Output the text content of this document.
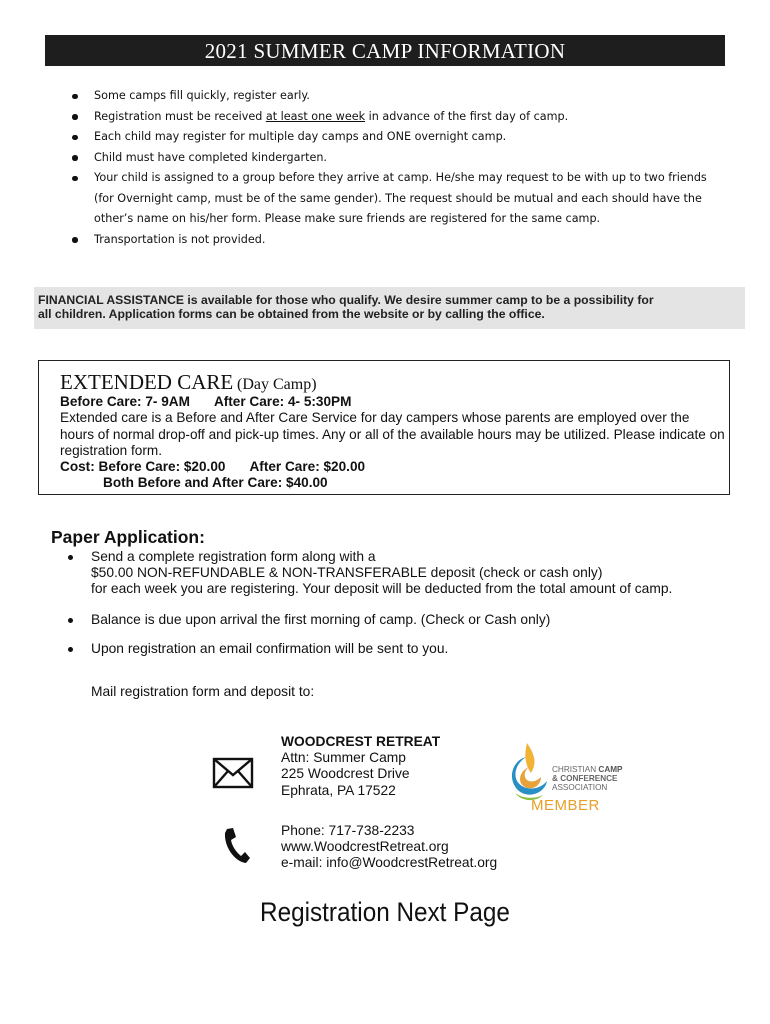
2021 SUMMER CAMP INFORMATION
Some camps fill quickly, register early.
Registration must be received at least one week in advance of the first day of camp.
Each child may register for multiple day camps and ONE overnight camp.
Child must have completed kindergarten.
Your child is assigned to a group before they arrive at camp. He/she may request to be with up to two friends (for Overnight camp, must be of the same gender). The request should be mutual and each should have the other’s name on his/her form. Please make sure friends are registered for the same camp.
Transportation is not provided.
FINANCIAL ASSISTANCE is available for those who qualify. We desire summer camp to be a possibility for
all children. Application forms can be obtained from the website or by calling the office.
EXTENDED CARE (Day Camp)
Before Care: 7- 9AM After Care: 4- 5:30PM
Extended care is a Before and After Care Service for day campers whose parents are employed over the hours of normal drop-off and pick-up times. Any or all of the available hours may be utilized. Please indicate on registration form.
Cost: Before Care: $20.00 After Care: $20.00
Both Before and After Care: $40.00
Paper Application:
Send a complete registration form along with a
$50.00 NON-REFUNDABLE & NON-TRANSFERABLE deposit (check or cash only)
for each week you are registering. Your deposit will be deducted from the total amount of camp.
Balance is due upon arrival the first morning of camp. (Check or Cash only)
Upon registration an email confirmation will be sent to you.
Mail registration form and deposit to:
WOODCREST RETREAT
Attn: Summer Camp
225 Woodcrest Drive
Ephrata, PA 17522
Phone: 717-738-2233
www.WoodcrestRetreat.org
e-mail: info@WoodcrestRetreat.org
CHRISTIAN CAMP
& CONFERENCE
ASSOCIATION
MEMBER
Registration Next Page
